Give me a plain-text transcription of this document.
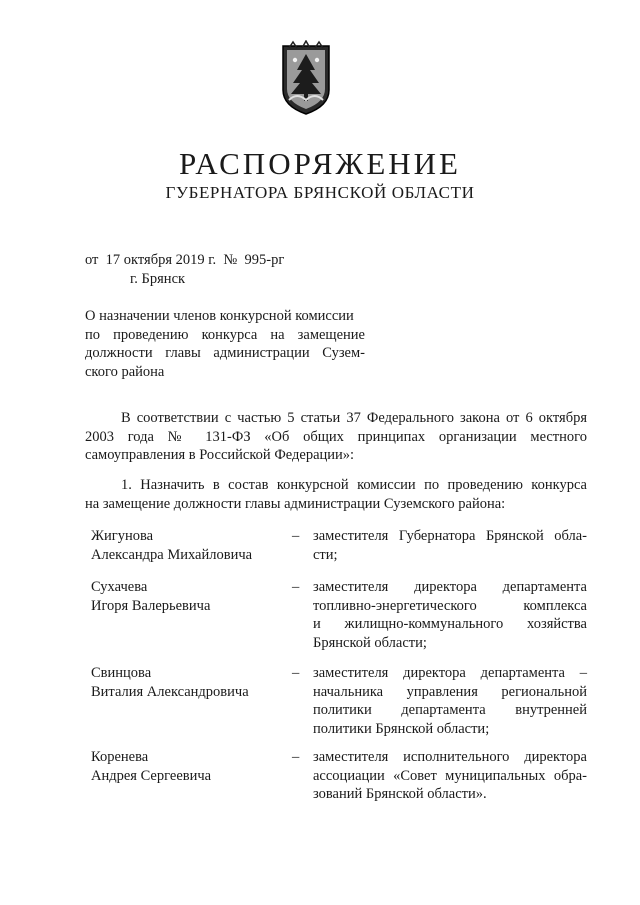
РАСПОРЯЖЕНИЕ
ГУБЕРНАТОРА БРЯНСКОЙ ОБЛАСТИ
от  17 октября 2019 г.  №  995-рг
г. Брянск
О назначении членов конкурсной комиссии
по проведению конкурса на замещение
должности главы администрации Сузем-
ского района
В соответствии с частью 5 статьи 37 Федерального закона от 6 октября
2003 года № 131-ФЗ «Об общих принципах организации местного
самоуправления в Российской Федерации»:
1. Назначить в состав конкурсной комиссии по проведению конкурса
на замещение должности главы администрации Суземского района:
Жигунова
Александра Михайловича
– заместителя Губернатора Брянской обла-
сти;
Сухачева
Игоря Валерьевича
– заместителя директора департамента
топливно-энергетического комплекса
и жилищно-коммунального хозяйства
Брянской области;
Свинцова
Виталия Александровича
– заместителя директора департамента –
начальника управления региональной
политики департамента внутренней
политики Брянской области;
Коренева
Андрея Сергеевича
– заместителя исполнительного директора
ассоциации «Совет муниципальных обра-
зований Брянской области».
